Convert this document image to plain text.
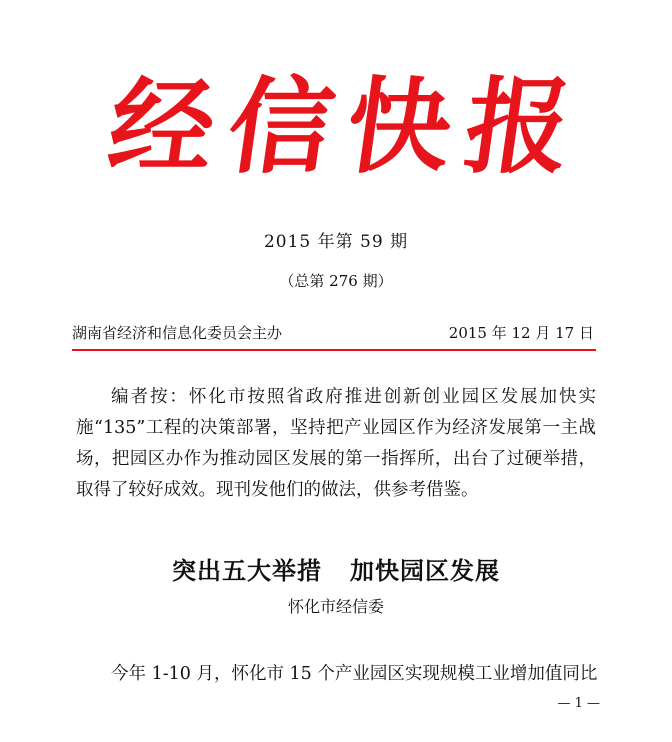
经
信
快
报
2015 年第 59 期
（总第 276 期）
湖南省经济和信息化委员会主办	2015 年 12 月 17 日

编者按：怀化市按照省政府推进创新创业园区发展加快实施“135”工程的决策部署，坚持把产业园区作为经济发展第一主战场，把园区办作为推动园区发展的第一指挥所，出台了过硬举措，取得了较好成效。现刊发他们的做法，供参考借鉴。

突出五大举措 加快园区发展
怀化市经信委

今年 1-10 月，怀化市 15 个产业园区实现规模工业增加值同比

— 1 —
